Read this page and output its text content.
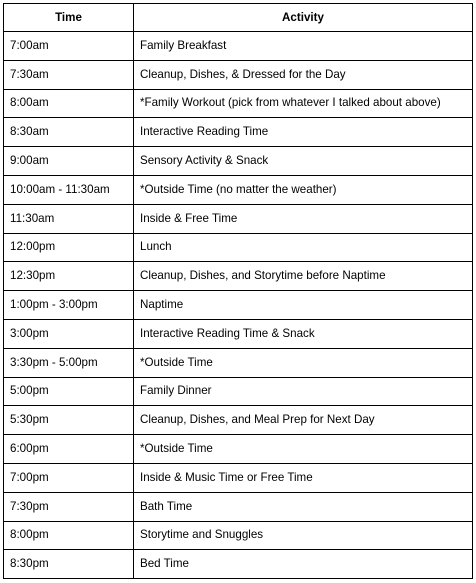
Time	Activity
7:00am	Family Breakfast
7:30am	Cleanup, Dishes, & Dressed for the Day
8:00am	*Family Workout (pick from whatever I talked about above)
8:30am	Interactive Reading Time
9:00am	Sensory Activity & Snack
10:00am - 11:30am	*Outside Time (no matter the weather)
11:30am	Inside & Free Time
12:00pm	Lunch
12:30pm	Cleanup, Dishes, and Storytime before Naptime
1:00pm - 3:00pm	Naptime
3:00pm	Interactive Reading Time & Snack
3:30pm - 5:00pm	*Outside Time
5:00pm	Family Dinner
5:30pm	Cleanup, Dishes, and Meal Prep for Next Day
6:00pm	*Outside Time
7:00pm	Inside & Music Time or Free Time
7:30pm	Bath Time
8:00pm	Storytime and Snuggles
8:30pm	Bed Time
